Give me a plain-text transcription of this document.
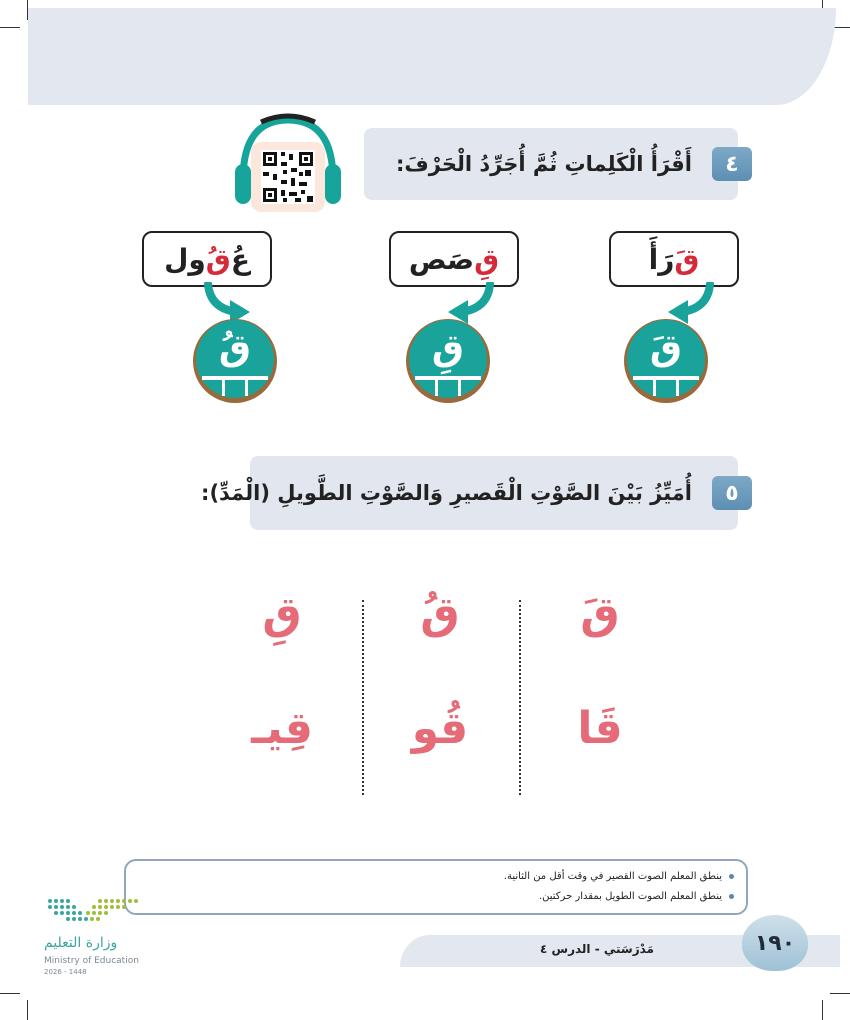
٤
أَقْرَأُ الْكَلِماتِ ثُمَّ أُجَرِّدُ الْحَرْفَ:
قَ
رَأَ
قِ
صَص
عُ
قُ
ول
قَ
قِ
قُ
٥
أُمَيِّزُ بَيْنَ الصَّوْتِ الْقَصيرِ وَالصَّوْتِ الطَّويلِ (الْمَدِّ):
قَ
قُ
قِ
قَا
قُو
قِيـ
ينطق المعلم الصوت القصير في وقت أقل من الثانية.
ينطق المعلم الصوت الطويل بمقدار حركتين.
مَدْرَسَتي - الدرس ٤	١٩٠
وزارة التعليم
Ministry of Education
2026 - 1448
